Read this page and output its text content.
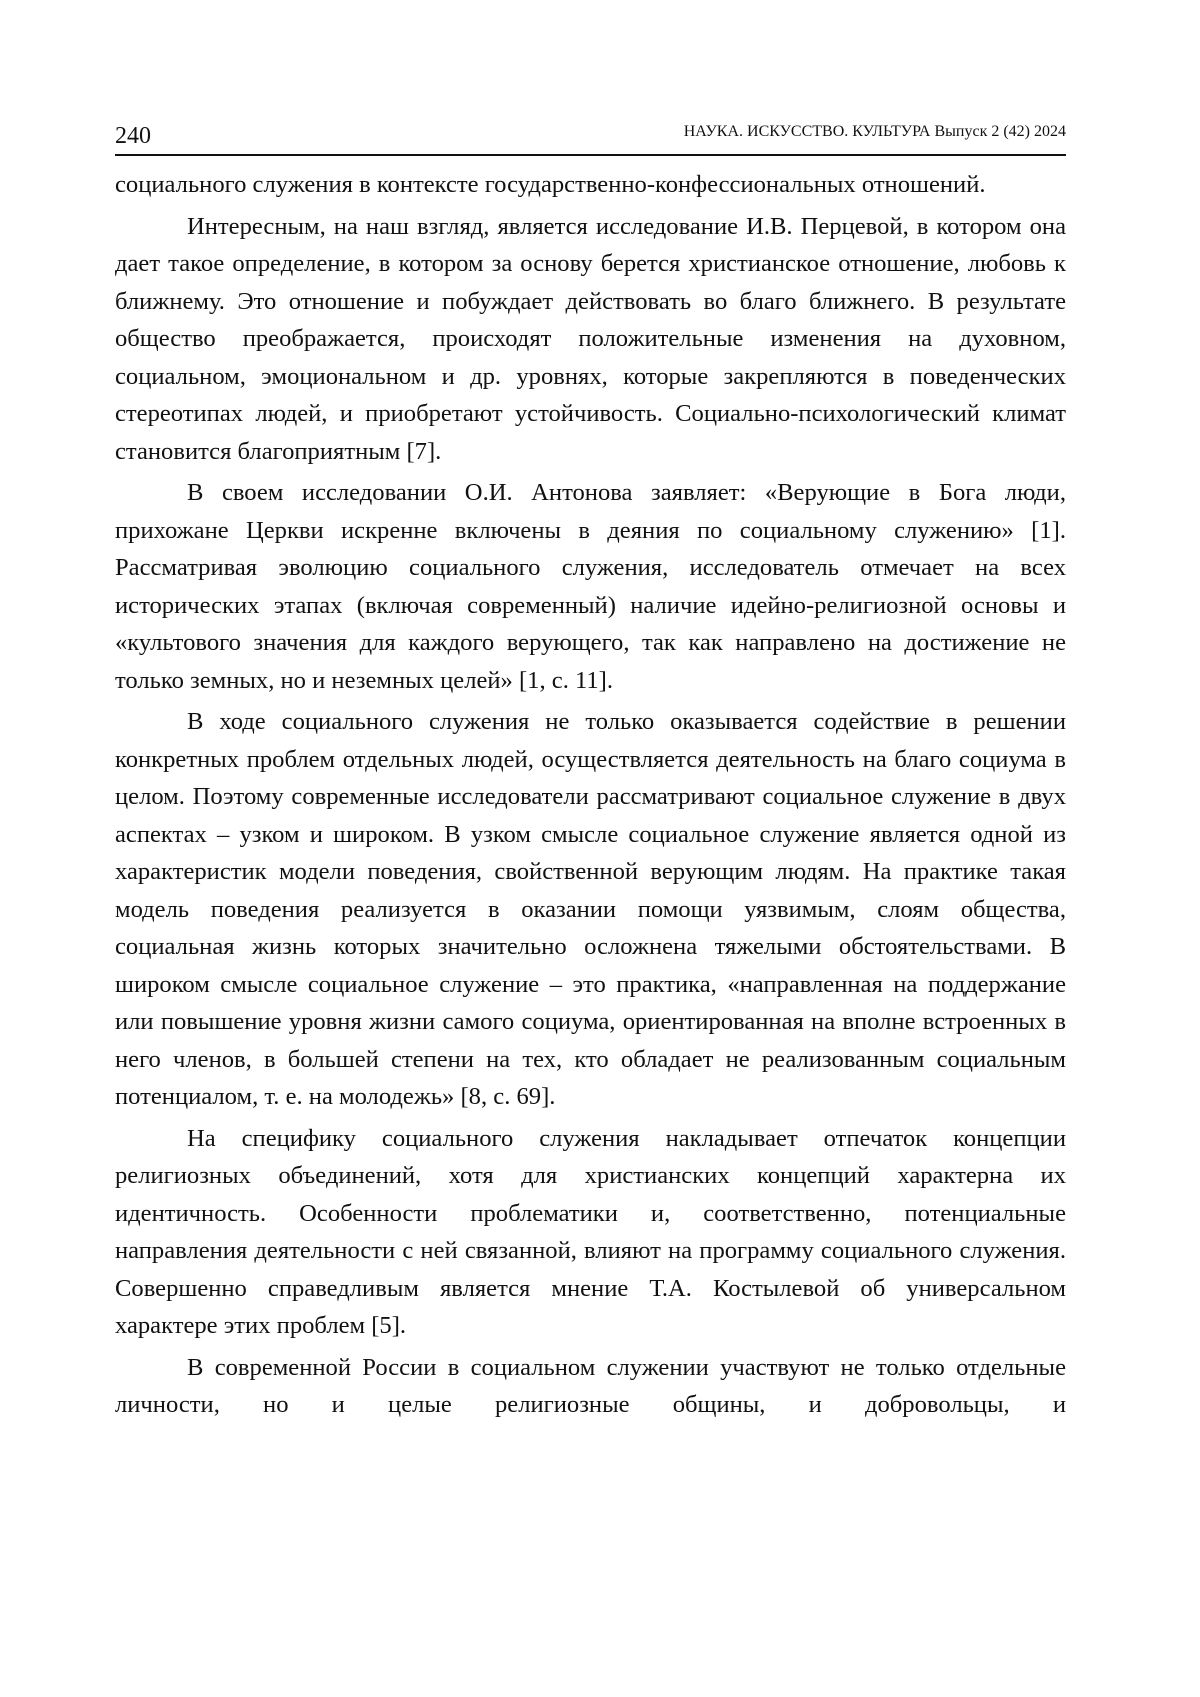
240	НАУКА. ИСКУССТВО. КУЛЬТУРА Выпуск 2 (42) 2024

социального служения в контексте государственно-конфессиональных отношений.

Интересным, на наш взгляд, является исследование И.В. Перцевой, в котором она дает такое определение, в котором за основу берется христианское отношение, любовь к ближнему. Это отношение и побуждает действовать во благо ближнего. В результате общество преображается, происходят положительные изменения на духовном, социальном, эмоциональном и др. уровнях, которые закрепляются в поведенческих стереотипах людей, и приобретают устойчивость. Социально-психологический климат становится благоприятным [7].

В своем исследовании О.И. Антонова заявляет: «Верующие в Бога люди, прихожане Церкви искренне включены в деяния по социальному служению» [1]. Рассматривая эволюцию социального служения, исследователь отмечает на всех исторических этапах (включая современный) наличие идейно-религиозной основы и «культового значения для каждого верующего, так как направлено на достижение не только земных, но и неземных целей» [1, с. 11].

В ходе социального служения не только оказывается содействие в решении конкретных проблем отдельных людей, осуществляется деятельность на благо социума в целом. Поэтому современные исследователи рассматривают социальное служение в двух аспектах – узком и широком. В узком смысле социальное служение является одной из характеристик модели поведения, свойственной верующим людям. На практике такая модель поведения реализуется в оказании помощи уязвимым, слоям общества, социальная жизнь которых значительно осложнена тяжелыми обстоятельствами. В широком смысле социальное служение – это практика, «направленная на поддержание или повышение уровня жизни самого социума, ориентированная на вполне встроенных в него членов, в большей степени на тех, кто обладает не реализованным социальным потенциалом, т. е. на молодежь» [8, с. 69].

На специфику социального служения накладывает отпечаток концепции религиозных объединений, хотя для христианских концепций характерна их идентичность. Особенности проблематики и, соответственно, потенциальные направления деятельности с ней связанной, влияют на программу социального служения. Совершенно справедливым является мнение Т.А. Костылевой об универсальном характере этих проблем [5].

В современной России в социальном служении участвуют не только отдельные личности, но и целые религиозные общины, и добровольцы, и
